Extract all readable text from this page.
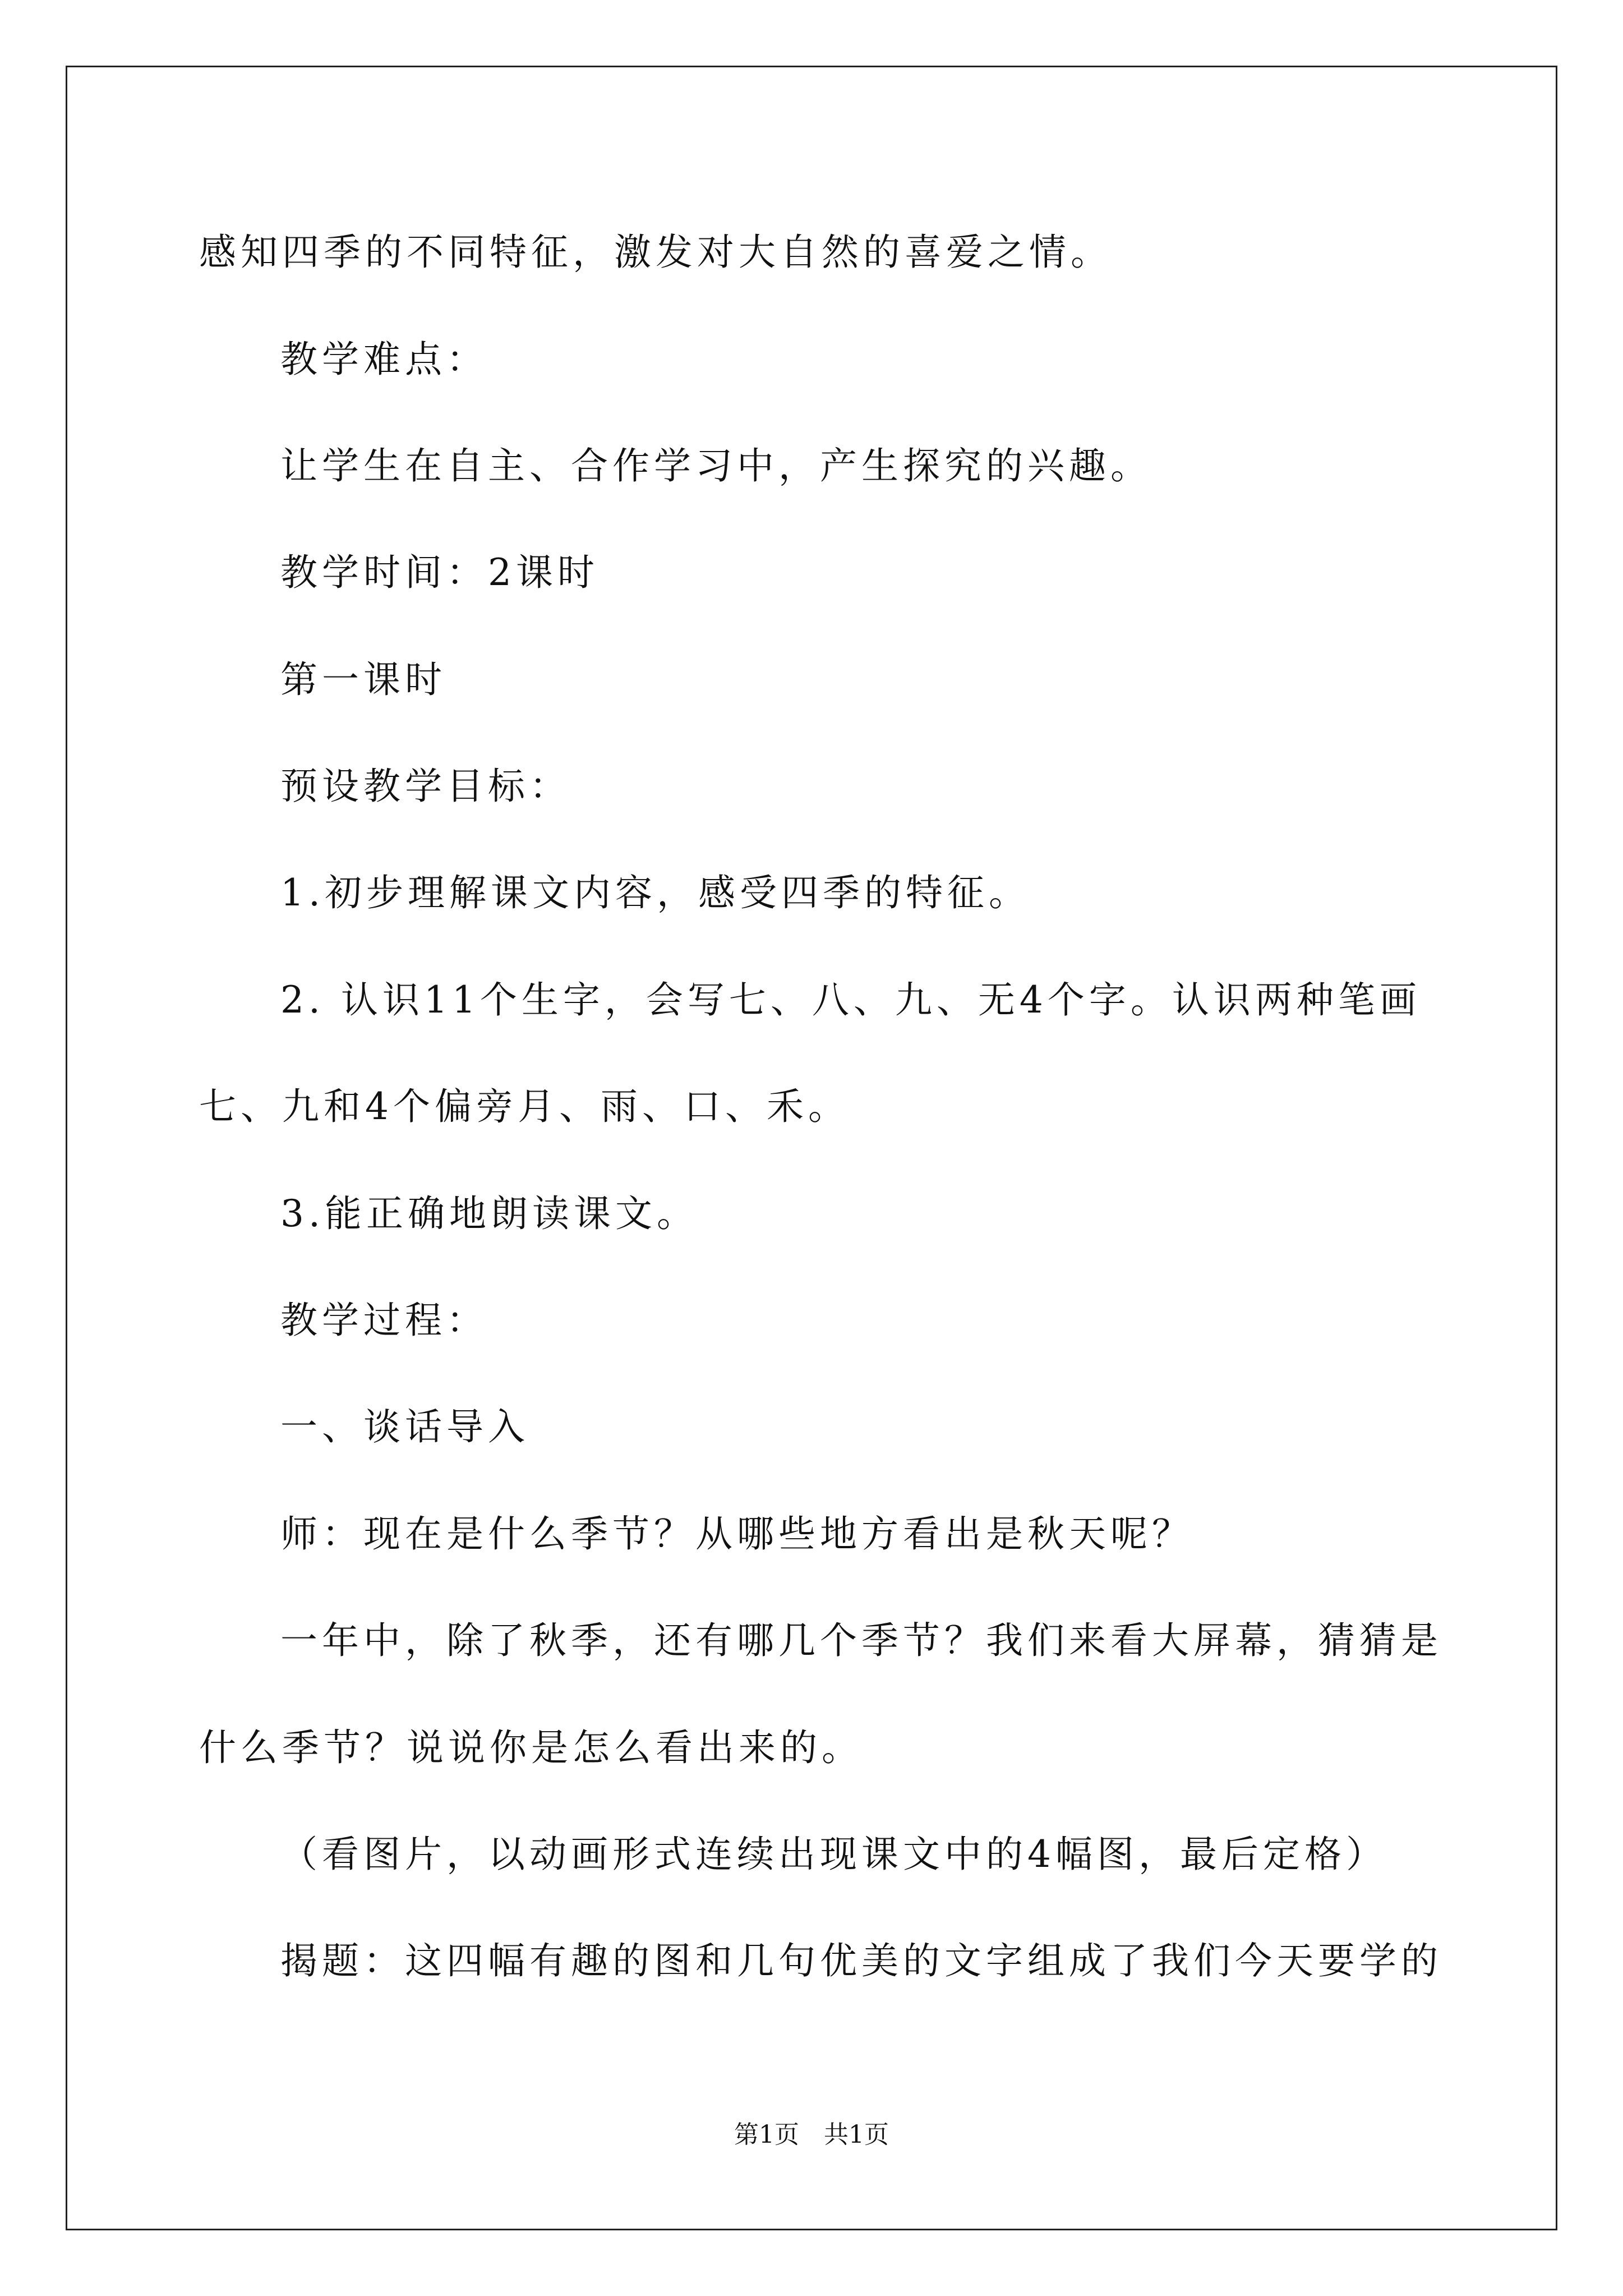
感知四季的不同特征，激发对大自然的喜爱之情。
教学难点：
让学生在自主、合作学习中，产生探究的兴趣。
教学时间：2课时
第一课时
预设教学目标：
1.初步理解课文内容，感受四季的特征。
2. 认识11个生字，会写七、八、九、无4个字。认识两种笔画
七、九和4个偏旁月、雨、口、禾。
3.能正确地朗读课文。
教学过程：
一、谈话导入
师：现在是什么季节？从哪些地方看出是秋天呢？
一年中，除了秋季，还有哪几个季节？我们来看大屏幕，猜猜是
什么季节？说说你是怎么看出来的。
（看图片，以动画形式连续出现课文中的4幅图，最后定格）
揭题：这四幅有趣的图和几句优美的文字组成了我们今天要学的
第1页　共1页
